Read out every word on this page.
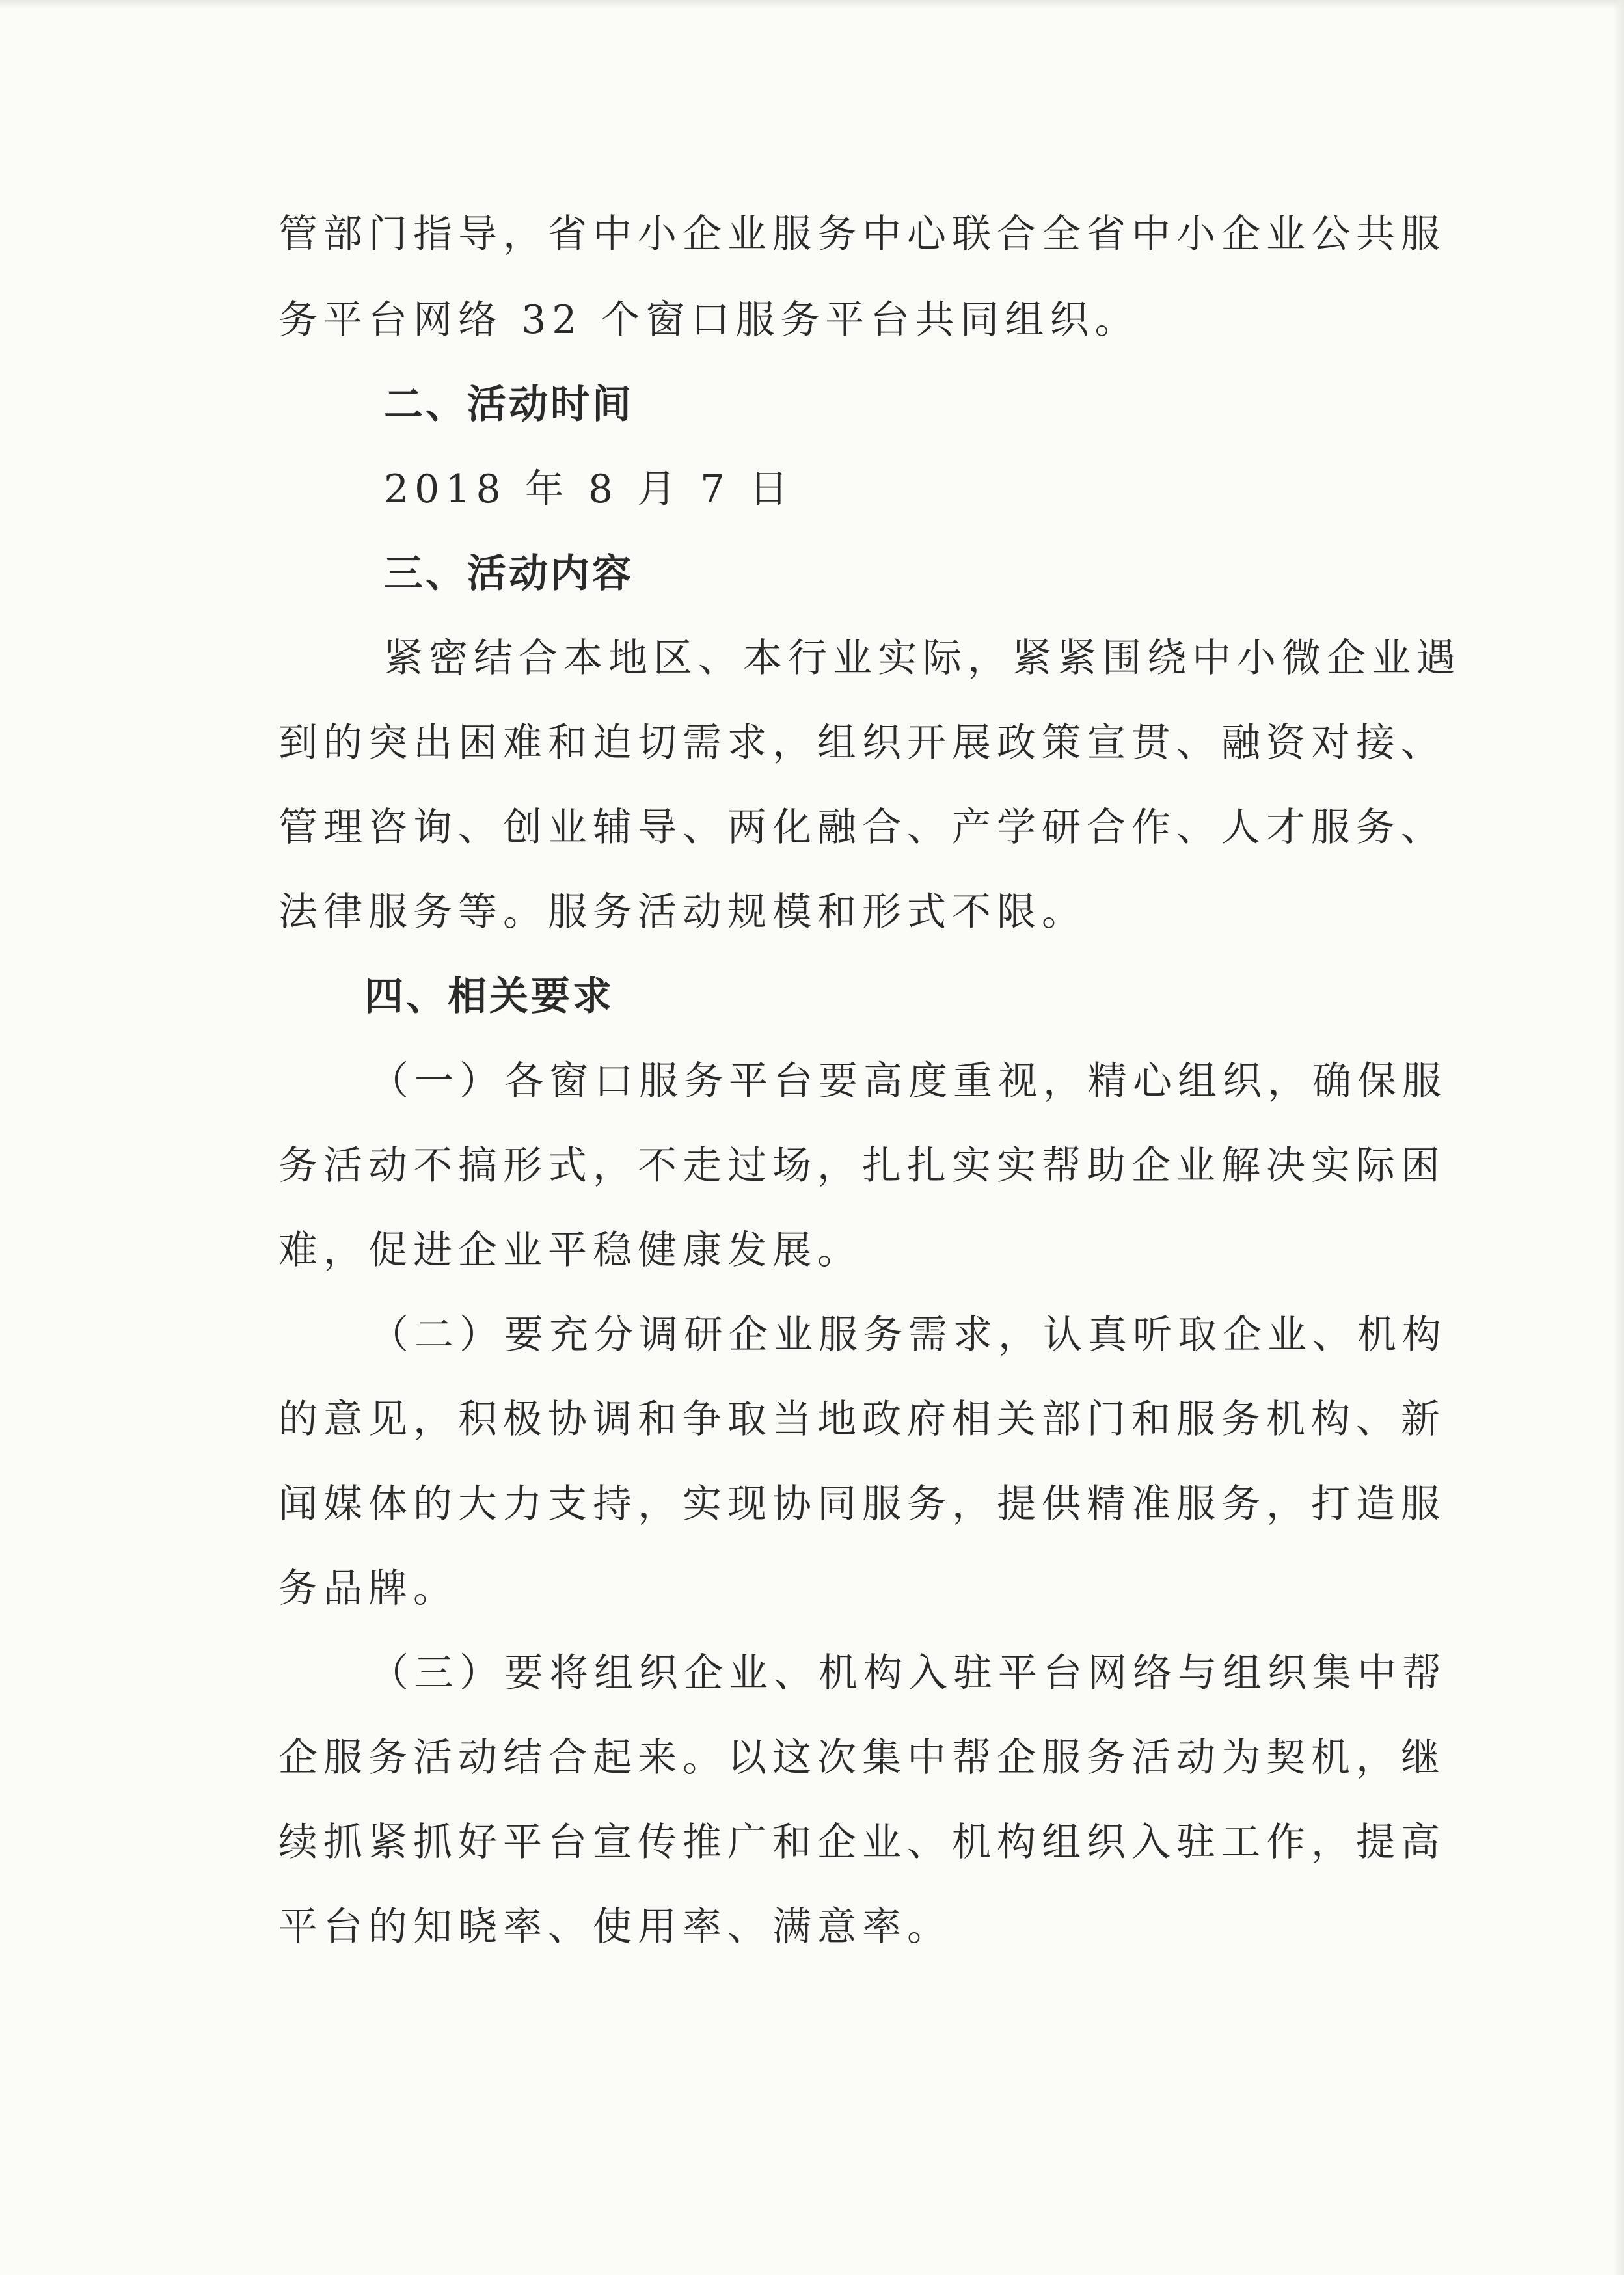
管部门指导，省中小企业服务中心联合全省中小企业公共服
务平台网络 32 个窗口服务平台共同组织。
二、活动时间
2018 年 8 月 7 日
三、活动内容
紧密结合本地区、本行业实际，紧紧围绕中小微企业遇
到的突出困难和迫切需求，组织开展政策宣贯、融资对接、
管理咨询、创业辅导、两化融合、产学研合作、人才服务、
法律服务等。服务活动规模和形式不限。
四、相关要求
（一）各窗口服务平台要高度重视，精心组织，确保服
务活动不搞形式，不走过场，扎扎实实帮助企业解决实际困
难，促进企业平稳健康发展。
（二）要充分调研企业服务需求，认真听取企业、机构
的意见，积极协调和争取当地政府相关部门和服务机构、新
闻媒体的大力支持，实现协同服务，提供精准服务，打造服
务品牌。
（三）要将组织企业、机构入驻平台网络与组织集中帮
企服务活动结合起来。以这次集中帮企服务活动为契机，继
续抓紧抓好平台宣传推广和企业、机构组织入驻工作，提高
平台的知晓率、使用率、满意率。
